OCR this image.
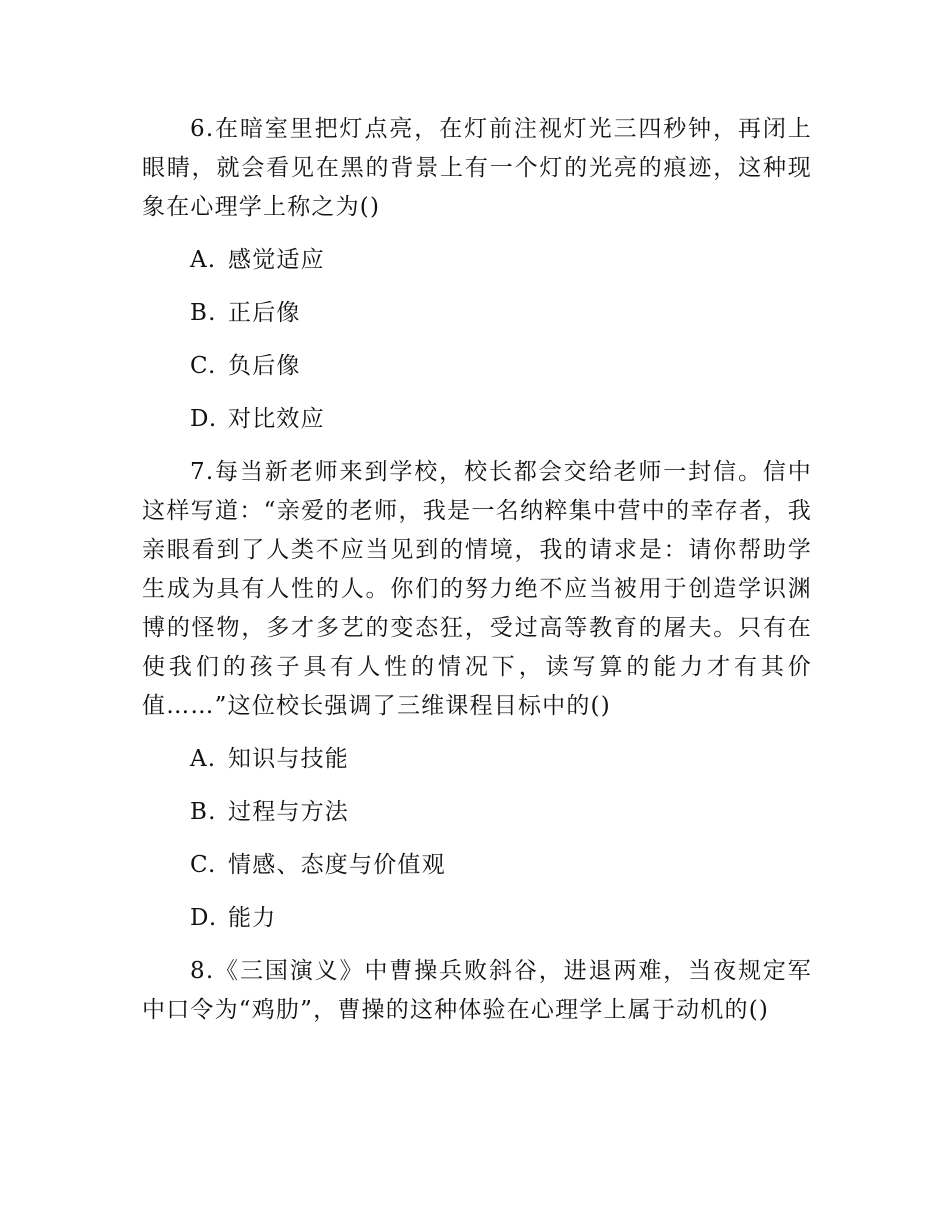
6.在暗室里把灯点亮，在灯前注视灯光三四秒钟，再闭上眼睛，就会看见在黑的背景上有一个灯的光亮的痕迹，这种现象在心理学上称之为()

A. 感觉适应
B. 正后像
C. 负后像
D. 对比效应

7.每当新老师来到学校，校长都会交给老师一封信。信中这样写道：“亲爱的老师，我是一名纳粹集中营中的幸存者，我亲眼看到了人类不应当见到的情境，我的请求是：请你帮助学生成为具有人性的人。你们的努力绝不应当被用于创造学识渊博的怪物，多才多艺的变态狂，受过高等教育的屠夫。只有在使我们的孩子具有人性的情况下，读写算的能力才有其价值……”这位校长强调了三维课程目标中的()

A. 知识与技能
B. 过程与方法
C. 情感、态度与价值观
D. 能力

8.《三国演义》中曹操兵败斜谷，进退两难，当夜规定军中口令为“鸡肋”，曹操的这种体验在心理学上属于动机的()
